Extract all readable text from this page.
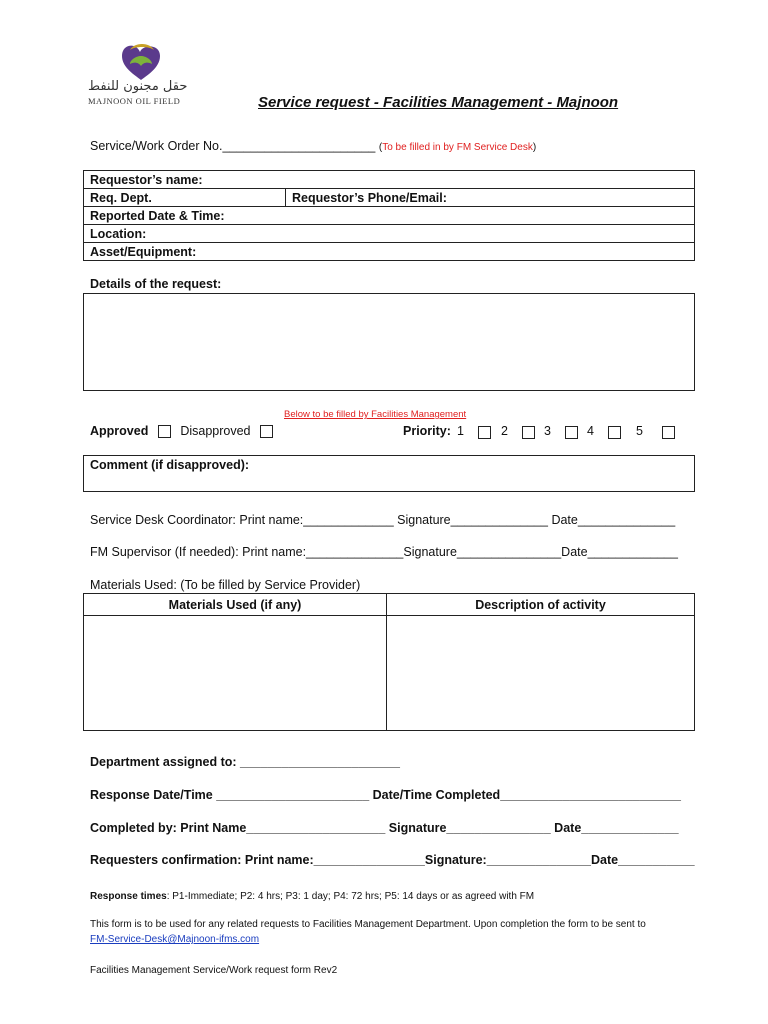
حقل مجنون للنفط
MAJNOON OIL FIELD	Service request - Facilities Management - Majnoon
Service/Work Order No.______________________ (To be filled in by FM Service Desk)
Requestor’s name:
Req. Dept.	Requestor’s Phone/Email:
Reported Date & Time:
Location:
Asset/Equipment:
Details of the request:
Below to be filled by Facilities Management
Approved	Disapproved	Priority: 1	2	3	4	5
Comment (if disapproved):
Service Desk Coordinator: Print name:_____________ Signature______________ Date______________
FM Supervisor (If needed): Print name:______________Signature_______________Date_____________
Materials Used: (To be filled by Service Provider)
Materials Used (if any)	Description of activity

Department assigned to: _______________________
Response Date/Time ______________________ Date/Time Completed__________________________
Completed by: Print Name____________________ Signature_______________ Date______________
Requesters confirmation: Print name:________________Signature:_______________Date___________
Response times: P1-Immediate; P2: 4 hrs; P3: 1 day; P4: 72 hrs; P5: 14 days or as agreed with FM
This form is to be used for any related requests to Facilities Management Department. Upon completion the form to be sent to
FM-Service-Desk@Majnoon-ifms.com
Facilities Management Service/Work request form Rev2
